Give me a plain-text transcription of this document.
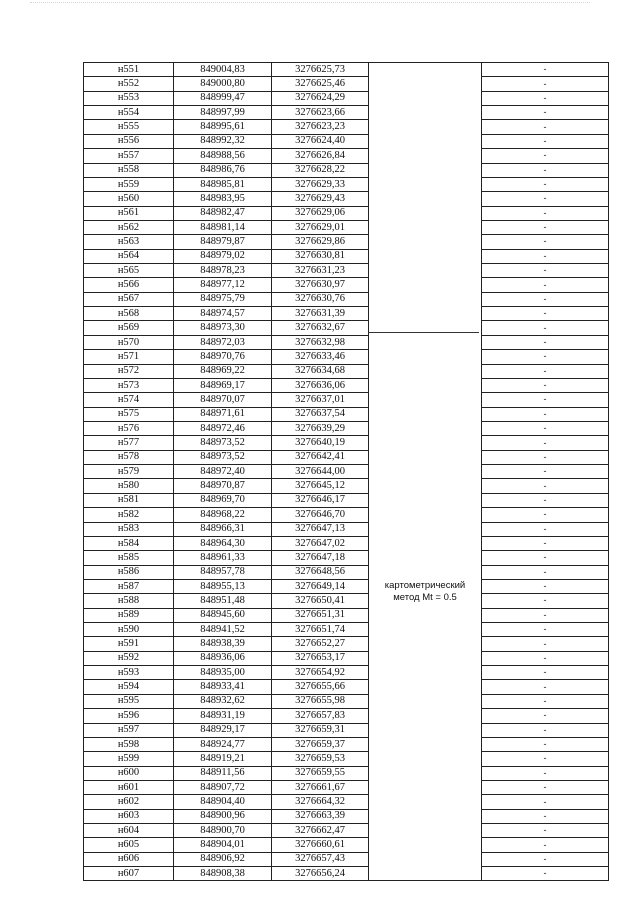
н551	849004,83	3276625,73	картометрический
метод Mt = 0.5	-
н552	849000,80	3276625,46		-
н553	848999,47	3276624,29		-
н554	848997,99	3276623,66		-
н555	848995,61	3276623,23		-
н556	848992,32	3276624,40		-
н557	848988,56	3276626,84		-
н558	848986,76	3276628,22		-
н559	848985,81	3276629,33		-
н560	848983,95	3276629,43		-
н561	848982,47	3276629,06		-
н562	848981,14	3276629,01		-
н563	848979,87	3276629,86		-
н564	848979,02	3276630,81		-
н565	848978,23	3276631,23		-
н566	848977,12	3276630,97		-
н567	848975,79	3276630,76		-
н568	848974,57	3276631,39		-
н569	848973,30	3276632,67		-
н570	848972,03	3276632,98		-
н571	848970,76	3276633,46		-
н572	848969,22	3276634,68		-
н573	848969,17	3276636,06		-
н574	848970,07	3276637,01		-
н575	848971,61	3276637,54		-
н576	848972,46	3276639,29		-
н577	848973,52	3276640,19		-
н578	848973,52	3276642,41		-
н579	848972,40	3276644,00		-
н580	848970,87	3276645,12		-
н581	848969,70	3276646,17		-
н582	848968,22	3276646,70		-
н583	848966,31	3276647,13		-
н584	848964,30	3276647,02		-
н585	848961,33	3276647,18		-
н586	848957,78	3276648,56		-
н587	848955,13	3276649,14		-
н588	848951,48	3276650,41		-
н589	848945,60	3276651,31		-
н590	848941,52	3276651,74		-
н591	848938,39	3276652,27		-
н592	848936,06	3276653,17		-
н593	848935,00	3276654,92		-
н594	848933,41	3276655,66		-
н595	848932,62	3276655,98		-
н596	848931,19	3276657,83		-
н597	848929,17	3276659,31		-
н598	848924,77	3276659,37		-
н599	848919,21	3276659,53		-
н600	848911,56	3276659,55		-
н601	848907,72	3276661,67		-
н602	848904,40	3276664,32		-
н603	848900,96	3276663,39		-
н604	848900,70	3276662,47		-
н605	848904,01	3276660,61		-
н606	848906,92	3276657,43		-
н607	848908,38	3276656,24		-
